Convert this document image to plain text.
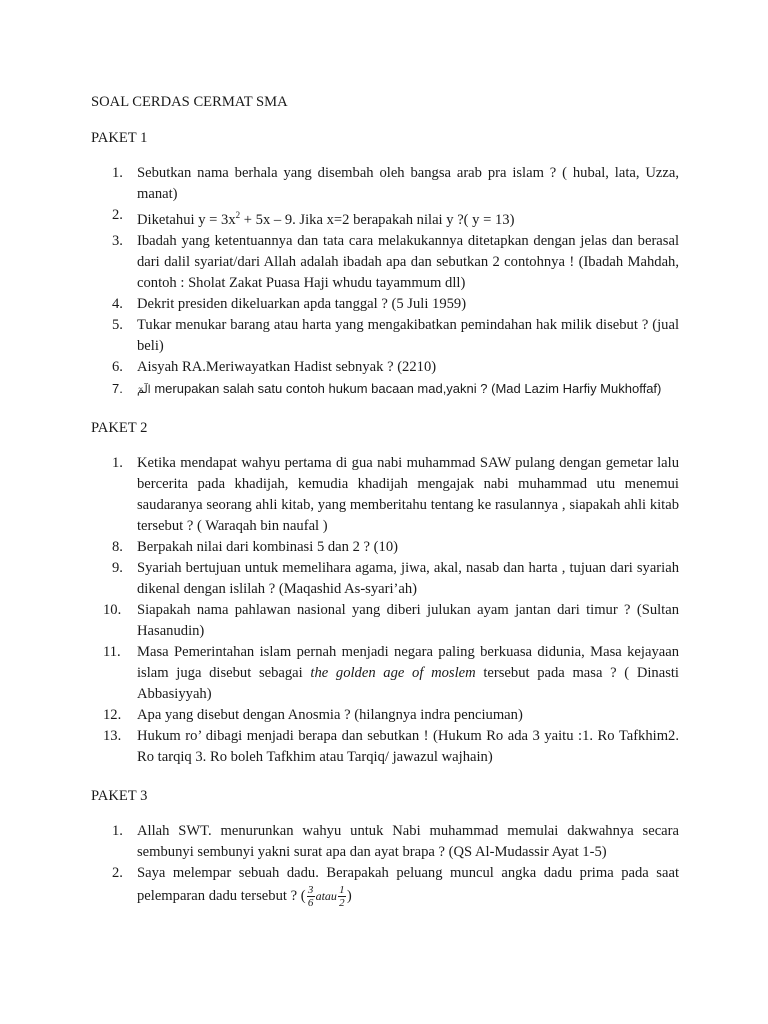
SOAL CERDAS CERMAT SMA

PAKET 1

1. Sebutkan nama berhala yang disembah oleh bangsa arab pra islam ? ( hubal, lata, Uzza, manat)
2. Diketahui $y = 3x^2 + 5x - 9$. Jika x=2 berapakah nilai y ?( y = 13)
3. Ibadah yang ketentuannya dan tata cara melakukannya ditetapkan dengan jelas dan berasal dari dalil syariat/dari Allah adalah ibadah apa dan sebutkan 2 contohnya ! (Ibadah Mahdah, contoh : Sholat Zakat Puasa Haji whudu tayammum dll)
4. Dekrit presiden dikeluarkan apda tanggal ? (5 Juli 1959)
5. Tukar menukar barang atau harta yang mengakibatkan pemindahan hak milik disebut ? (jual beli)
6. Aisyah RA.Meriwayatkan Hadist sebnyak ? (2210)
7. الٓمٓ merupakan salah satu contoh hukum bacaan mad,yakni ? (Mad Lazim Harfiy Mukhoffaf)

PAKET 2

1. Ketika mendapat wahyu pertama di gua nabi muhammad SAW pulang dengan gemetar lalu bercerita pada khadijah, kemudia khadijah mengajak nabi muhammad utu menemui saudaranya seorang ahli kitab, yang memberitahu tentang ke rasulannya , siapakah ahli kitab tersebut ? ( Waraqah bin naufal )
8. Berpakah nilai dari kombinasi 5 dan 2 ? (10)
9. Syariah bertujuan untuk memelihara agama, jiwa, akal, nasab dan harta , tujuan dari syariah dikenal dengan islilah ? (Maqashid As-syari’ah)
10. Siapakah nama pahlawan nasional yang diberi julukan ayam jantan dari timur ? (Sultan Hasanudin)
11. Masa Pemerintahan islam pernah menjadi negara paling berkuasa didunia, Masa kejayaan islam juga disebut sebagai the golden age of moslem tersebut pada masa ? ( Dinasti Abbasiyyah)
12. Apa yang disebut dengan Anosmia ? (hilangnya indra penciuman)
13. Hukum ro’ dibagi menjadi berapa dan sebutkan ! (Hukum Ro ada 3 yaitu :1. Ro Tafkhim2. Ro tarqiq 3. Ro boleh Tafkhim atau Tarqiq/ jawazul wajhain)

PAKET 3

1. Allah SWT. menurunkan wahyu untuk Nabi muhammad memulai dakwahnya secara sembunyi sembunyi yakni surat apa dan ayat brapa ? (QS Al-Mudassir Ayat 1-5)
2. Saya melempar sebuah dadu. Berapakah peluang muncul angka dadu prima pada saat pelemparan dadu tersebut ? ( $\frac{3}{6}$ atau $\frac{1}{2}$ )
